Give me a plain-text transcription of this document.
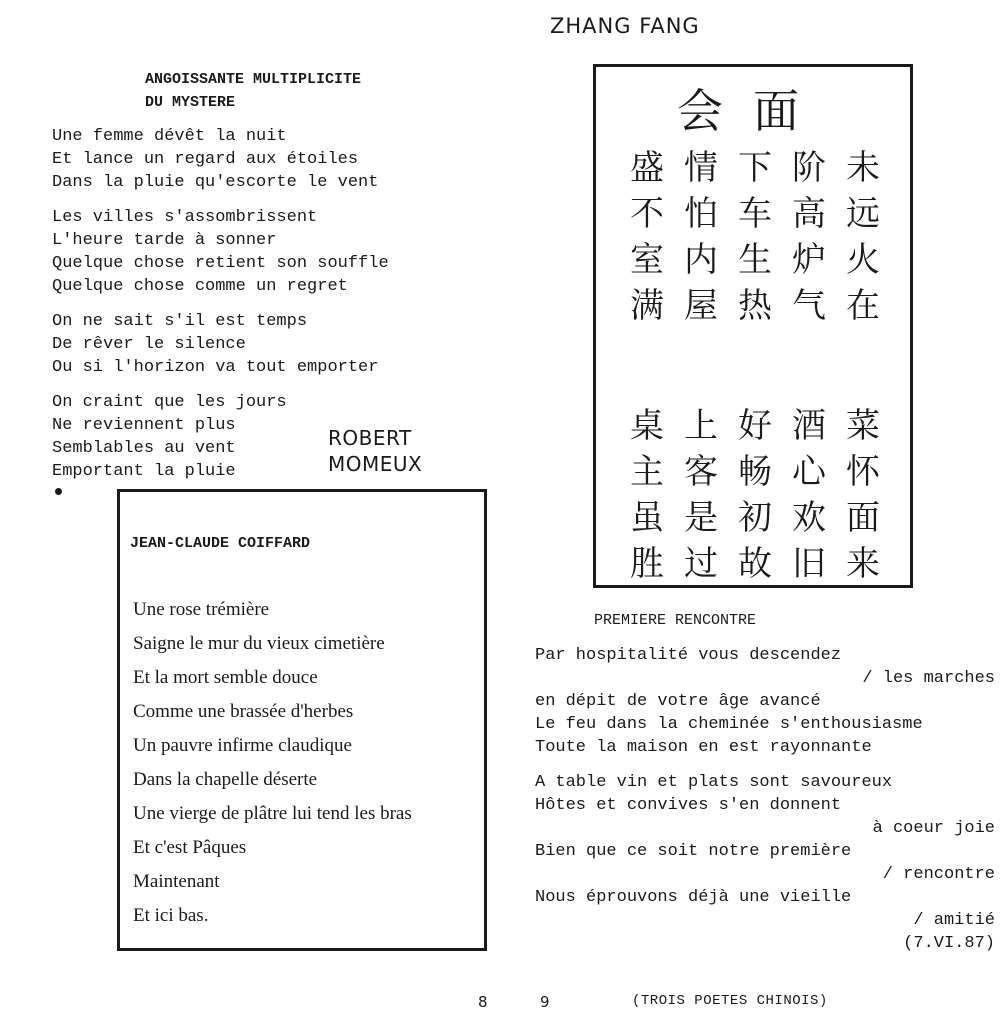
ANGOISSANTE MULTIPLICITE
DU MYSTERE
Une femme dévêt la nuit
Et lance un regard aux étoiles
Dans la pluie qu'escorte le vent
Les villes s'assombrissent
L'heure tarde à sonner
Quelque chose retient son souffle
Quelque chose comme un regret
On ne sait s'il est temps
De rêver le silence
Ou si l'horizon va tout emporter
On craint que les jours
Ne reviennent plus
Semblables au vent
Emportant la pluie
ROBERT
MOMEUX
JEAN-CLAUDE COIFFARD
Une rose trémière
Saigne le mur du vieux cimetière
Et la mort semble douce
Comme une brassée d'herbes
Un pauvre infirme claudique
Dans la chapelle déserte
Une vierge de plâtre lui tend les bras
Et c'est Pâques
Maintenant
Et ici bas.
ZHANG FANG
会面
未远火在
阶高炉气
下车生热
情怕内屋
盛不室满
菜怀面来
酒心欢旧
好畅初故
上客是过
桌主虽胜
PREMIERE RENCONTRE
Par hospitalité vous descendez
/ les marches
en dépit de votre âge avancé
Le feu dans la cheminée s'enthousiasme
Toute la maison en est rayonnante
A table vin et plats sont savoureux
Hôtes et convives s'en donnent
à coeur joie
Bien que ce soit notre première
/ rencontre
Nous éprouvons déjà une vieille
/ amitié
(7.VI.87)
8	9	(TROIS POETES CHINOIS)
